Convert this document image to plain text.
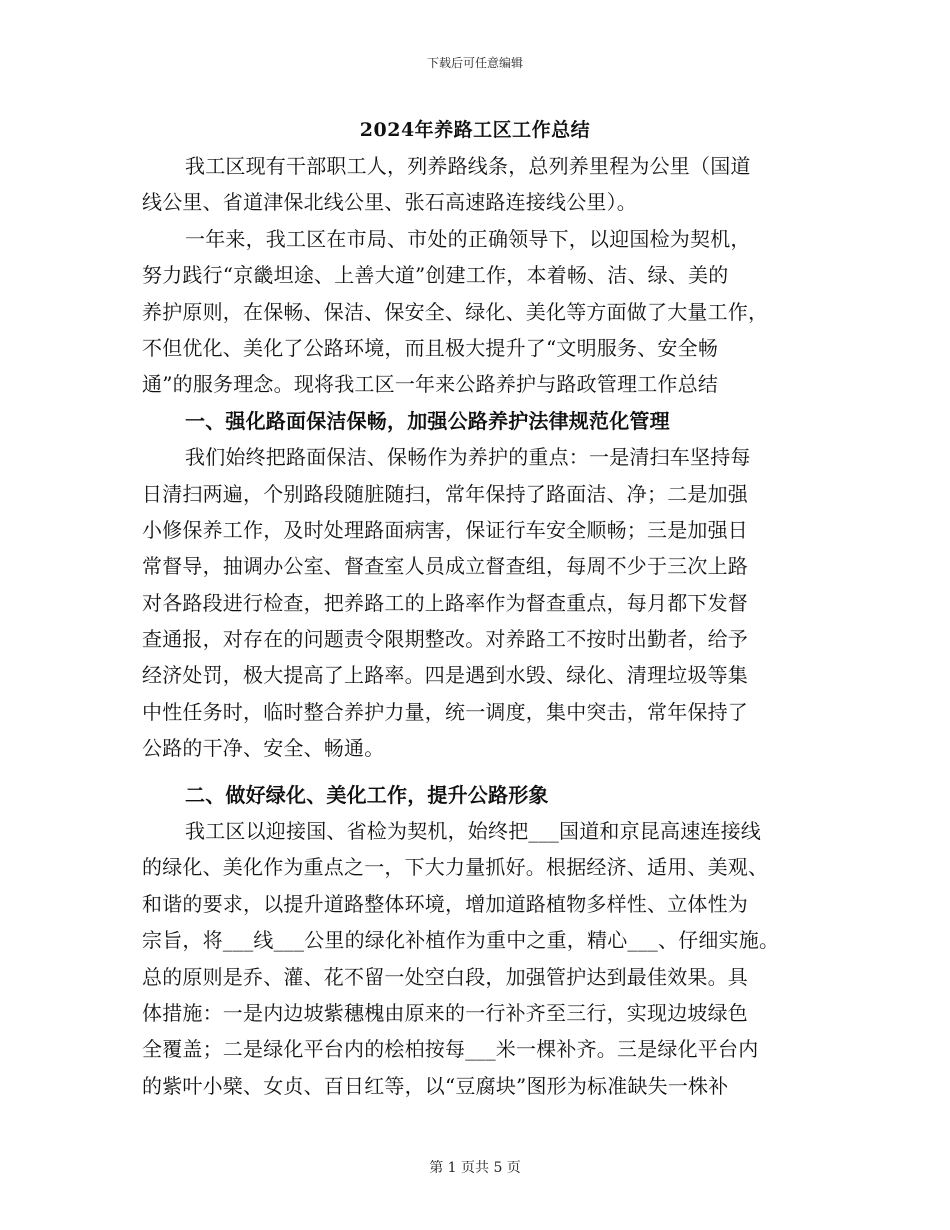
下载后可任意编辑
2024年养路工区工作总结
我工区现有干部职工人，列养路线条，总列养里程为公里（国道
线公里、省道津保北线公里、张石高速路连接线公里）。
一年来，我工区在市局、市处的正确领导下，以迎国检为契机，
努力践行“京畿坦途、上善大道”创建工作，本着畅、洁、绿、美的
养护原则，在保畅、保洁、保安全、绿化、美化等方面做了大量工作，
不但优化、美化了公路环境，而且极大提升了“文明服务、安全畅
通”的服务理念。现将我工区一年来公路养护与路政管理工作总结
一、强化路面保洁保畅，加强公路养护法律规范化管理
我们始终把路面保洁、保畅作为养护的重点：一是清扫车坚持每
日清扫两遍，个别路段随脏随扫，常年保持了路面洁、净；二是加强
小修保养工作，及时处理路面病害，保证行车安全顺畅；三是加强日
常督导，抽调办公室、督查室人员成立督查组，每周不少于三次上路
对各路段进行检查，把养路工的上路率作为督查重点，每月都下发督
查通报，对存在的问题责令限期整改。对养路工不按时出勤者，给予
经济处罚，极大提高了上路率。四是遇到水毁、绿化、清理垃圾等集
中性任务时，临时整合养护力量，统一调度，集中突击，常年保持了
公路的干净、安全、畅通。
二、做好绿化、美化工作，提升公路形象
我工区以迎接国、省检为契机，始终把___国道和京昆高速连接线
的绿化、美化作为重点之一，下大力量抓好。根据经济、适用、美观、
和谐的要求，以提升道路整体环境，增加道路植物多样性、立体性为
宗旨，将___线___公里的绿化补植作为重中之重，精心___、仔细实施。
总的原则是乔、灌、花不留一处空白段，加强管护达到最佳效果。具
体措施：一是内边坡紫穗槐由原来的一行补齐至三行，实现边坡绿色
全覆盖；二是绿化平台内的桧柏按每___米一棵补齐。三是绿化平台内
的紫叶小檗、女贞、百日红等，以“豆腐块”图形为标准缺失一株补
第 1 页共 5 页
